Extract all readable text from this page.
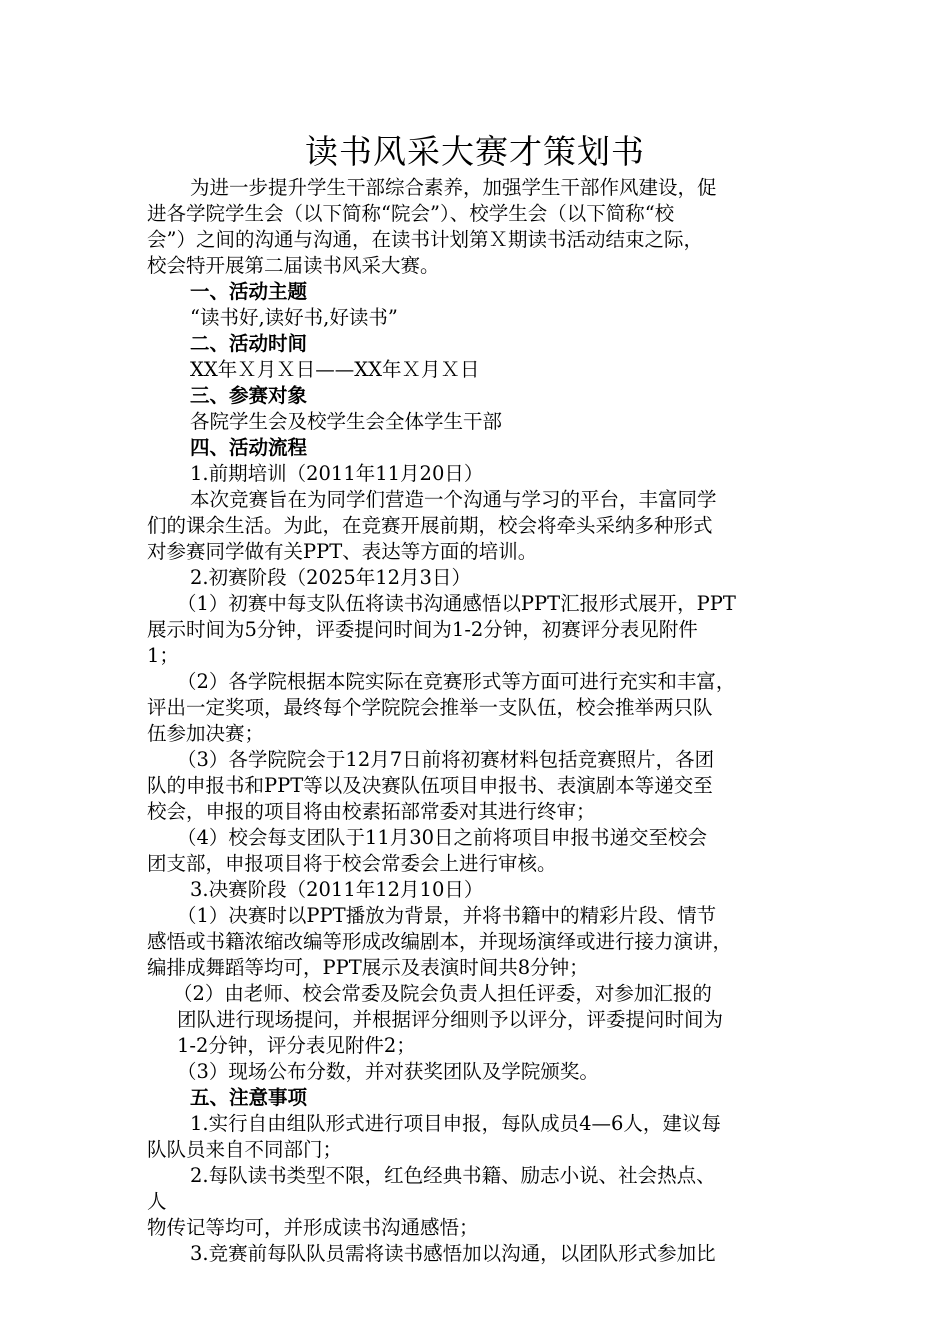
读书风采大赛才策划书
为进一步提升学生干部综合素养，加强学生干部作风建设，促
进各学院学生会（以下简称“院会”）、校学生会（以下简称“校
会”）之间的沟通与沟通，在读书计划第Ｘ期读书活动结束之际，
校会特开展第二届读书风采大赛。
一、活动主题
“读书好,读好书,好读书”
二、活动时间
XX年Ｘ月Ｘ日——XX年Ｘ月Ｘ日
三、参赛对象
各院学生会及校学生会全体学生干部
四、活动流程
1.前期培训（2011年11月20日）
本次竞赛旨在为同学们营造一个沟通与学习的平台，丰富同学
们的课余生活。为此，在竞赛开展前期，校会将牵头采纳多种形式
对参赛同学做有关PPT、表达等方面的培训。
2.初赛阶段（2025年12月3日）
（1）初赛中每支队伍将读书沟通感悟以PPT汇报形式展开，PPT
展示时间为5分钟，评委提问时间为1-2分钟，初赛评分表见附件
1；
（2）各学院根据本院实际在竞赛形式等方面可进行充实和丰富，
评出一定奖项，最终每个学院院会推举一支队伍，校会推举两只队
伍参加决赛；
（3）各学院院会于12月7日前将初赛材料包括竞赛照片，各团
队的申报书和PPT等以及决赛队伍项目申报书、表演剧本等递交至
校会，申报的项目将由校素拓部常委对其进行终审；
（4）校会每支团队于11月30日之前将项目申报书递交至校会
团支部，申报项目将于校会常委会上进行审核。
3.决赛阶段（2011年12月10日）
（1）决赛时以PPT播放为背景，并将书籍中的精彩片段、情节
感悟或书籍浓缩改编等形成改编剧本，并现场演绎或进行接力演讲，
编排成舞蹈等均可，PPT展示及表演时间共8分钟；
（2）由老师、校会常委及院会负责人担任评委，对参加汇报的
团队进行现场提问，并根据评分细则予以评分，评委提问时间为
1-2分钟，评分表见附件2；
（3）现场公布分数，并对获奖团队及学院颁奖。
五、注意事项
1.实行自由组队形式进行项目申报，每队成员4—6人，建议每
队队员来自不同部门；
2.每队读书类型不限，红色经典书籍、励志小说、社会热点、
人
物传记等均可，并形成读书沟通感悟；
3.竞赛前每队队员需将读书感悟加以沟通，以团队形式参加比
